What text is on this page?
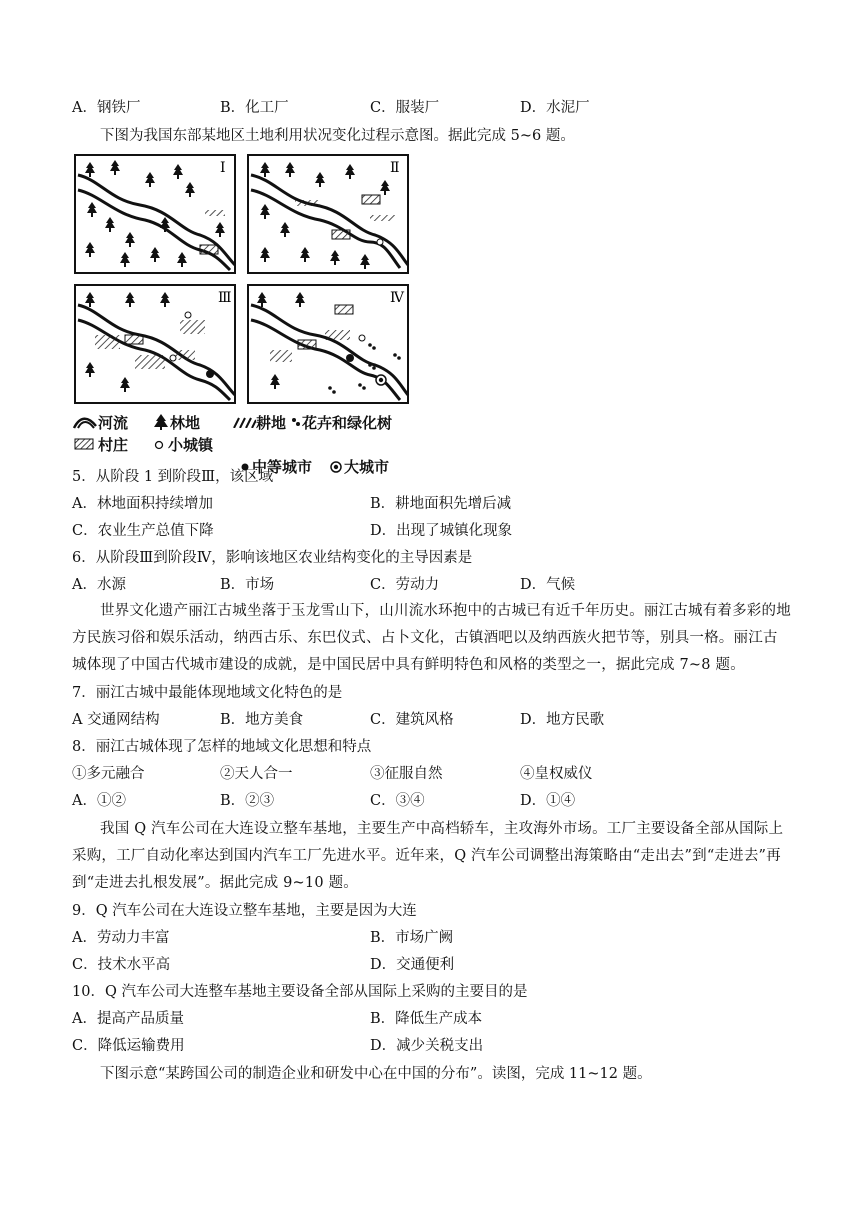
A．钢铁厂	B．化工厂	C．服装厂	D．水泥厂
下图为我国东部某地区土地利用状况变化过程示意图。据此完成 5~6 题。
Ⅰ	Ⅱ
Ⅲ	Ⅳ
河流	林地	耕地 花卉和绿化树
村庄	小城镇
中等城市 大城市
5．从阶段 1 到阶段Ⅲ，该区域
A．林地面积持续增加	B．耕地面积先增后减
C．农业生产总值下降	D．出现了城镇化现象
6．从阶段Ⅲ到阶段Ⅳ，影响该地区农业结构变化的主导因素是
A．水源	B．市场	C．劳动力	D．气候
世界文化遗产丽江古城坐落于玉龙雪山下，山川流水环抱中的古城已有近千年历史。丽江古城有着多彩的地方民族习俗和娱乐活动，纳西古乐、东巴仪式、占卜文化，古镇酒吧以及纳西族火把节等，别具一格。丽江古城体现了中国古代城市建设的成就，是中国民居中具有鲜明特色和风格的类型之一，据此完成 7~8 题。
7．丽江古城中最能体现地域文化特色的是
A 交通网结构	B．地方美食	C．建筑风格	D．地方民歌
8．丽江古城体现了怎样的地域文化思想和特点
①多元融合	②天人合一	③征服自然	④皇权威仪
A．①②	B．②③	C．③④	D．①④
我国 Q 汽车公司在大连设立整车基地，主要生产中高档轿车，主攻海外市场。工厂主要设备全部从国际上采购，工厂自动化率达到国内汽车工厂先进水平。近年来，Q 汽车公司调整出海策略由“走出去”到“走进去”再到“走进去扎根发展”。据此完成 9~10 题。
9．Q 汽车公司在大连设立整车基地，主要是因为大连
A．劳动力丰富	B．市场广阙
C．技术水平高	D．交通便利
10．Q 汽车公司大连整车基地主要设备全部从国际上采购的主要目的是
A．提高产品质量	B．降低生产成本
C．降低运输费用	D．减少关税支出
下图示意“某跨国公司的制造企业和研发中心在中国的分布”。读图，完成 11~12 题。
